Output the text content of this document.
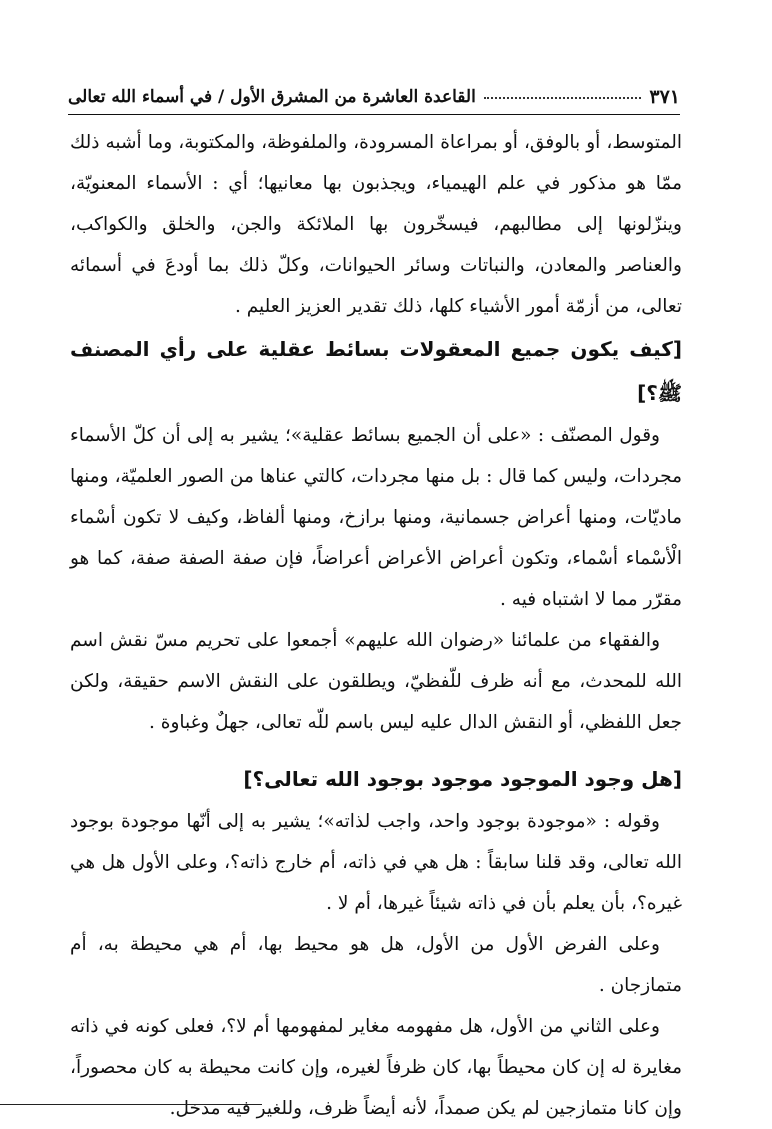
القاعدة العاشرة من المشرق الأول / في أسماء الله تعالى	٣٧١

المتوسط، أو بالوفق، أو بمراعاة المسرودة، والملفوظة، والمكتوبة، وما أشبه ذلك ممّا هو مذكور في علم الهيمياء، ويجذبون بها معانيها؛ أي : الأسماء المعنويّة، وينزّلونها إلى مطالبهم، فيسخّرون بها الملائكة والجن، والخلق والكواكب، والعناصر والمعادن، والنباتات وسائر الحيوانات، وكلّ ذلك بما أودعَ في أسمائه تعالى، من أزمّة أمور الأشياء كلها، ذلك تقدير العزيز العليم .

[كيف يكون جميع المعقولات بسائط عقلية على رأي المصنف ﷺ؟]

وقول المصنّف : «على أن الجميع بسائط عقلية»؛ يشير به إلى أن كلّ الأسماء مجردات، وليس كما قال : بل منها مجردات، كالتي عناها من الصور العلميّة، ومنها ماديّات، ومنها أعراض جسمانية، ومنها برازخ، ومنها ألفاظ، وكيف لا تكون أسْماء الْأسْماء أسْماء، وتكون أعراض الأعراض أعراضاً، فإن صفة الصفة صفة، كما هو مقرّر مما لا اشتباه فيه .

والفقهاء من علمائنا «رضوان الله عليهم» أجمعوا على تحريم مسّ نقش اسم الله للمحدث، مع أنه ظرف للّفظيّ، ويطلقون على النقش الاسم حقيقة، ولكن جعل اللفظي، أو النقش الدال عليه ليس باسم للّه تعالى، جهلٌ وغباوة .

[هل وجود الموجود موجود بوجود الله تعالى؟]

وقوله : «موجودة بوجود واحد، واجب لذاته»؛ يشير به إلى أنّها موجودة بوجود الله تعالى، وقد قلنا سابقاً : هل هي في ذاته، أم خارج ذاته؟، وعلى الأول هل هي غيره؟، بأن يعلم بأن في ذاته شيئاً غيرها، أم لا .

وعلى الفرض الأول من الأول، هل هو محيط بها، أم هي محيطة به، أم متمازجان .

وعلى الثاني من الأول، هل مفهومه مغاير لمفهومها أم لا؟، فعلى كونه في ذاته مغايرة له إن كان محيطاً بها، كان ظرفاً لغيره، وإن كانت محيطة به كان محصوراً، وإن كانا متمازجين لم يكن صمداً، لأنه أيضاً ظرف، وللغير فيه مدخل.
